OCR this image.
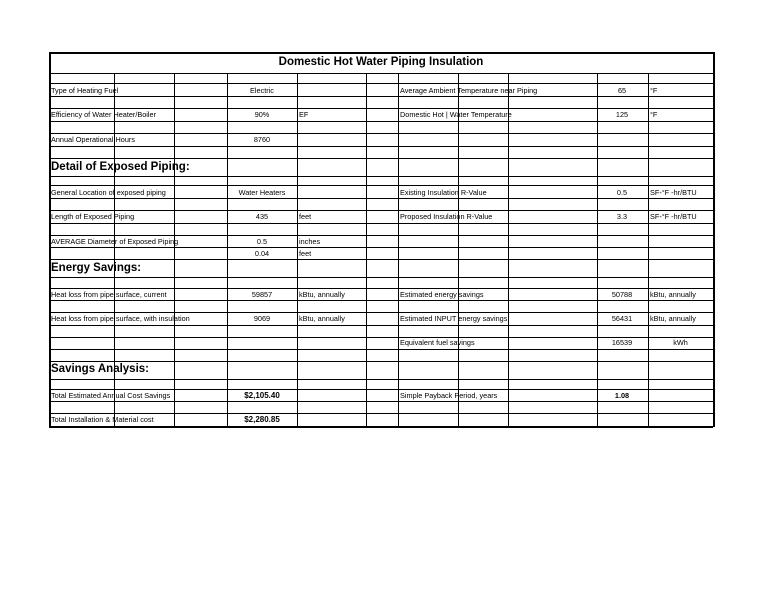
Domestic Hot Water Piping Insulation
Detail of Exposed Piping:
Energy Savings:
Savings Analysis:
Type of Heating Fuel
Efficiency of Water Heater/Boiler
Annual Operational Hours
General Location of exposed piping
Length of Exposed Piping
AVERAGE Diameter of Exposed Piping
Heat loss from pipe surface, current
Heat loss from pipe surface, with insulation
Total Estimated Annual Cost Savings
Total Installation & Material cost
Electric
90%
8760
Water Heaters
435
0.5
0.04
59857
9069
$2,105.40
$2,280.85
EF
feet
inches
feet
kBtu, annually
kBtu, annually
Average Ambient Temperature near Piping
Domestic Hot | Water Temperature
Existing Insulation R-Value
Proposed Insulation R-Value
Estimated energy savings
Estimated INPUT energy savings
Equivalent fuel savings
Simple Payback Period, years
65
125
0.5
3.3
50788
56431
16539
1.08
°F
°F
SF-°F -hr/BTU
SF-°F -hr/BTU
kBtu, annually
kBtu, annually
kWh
